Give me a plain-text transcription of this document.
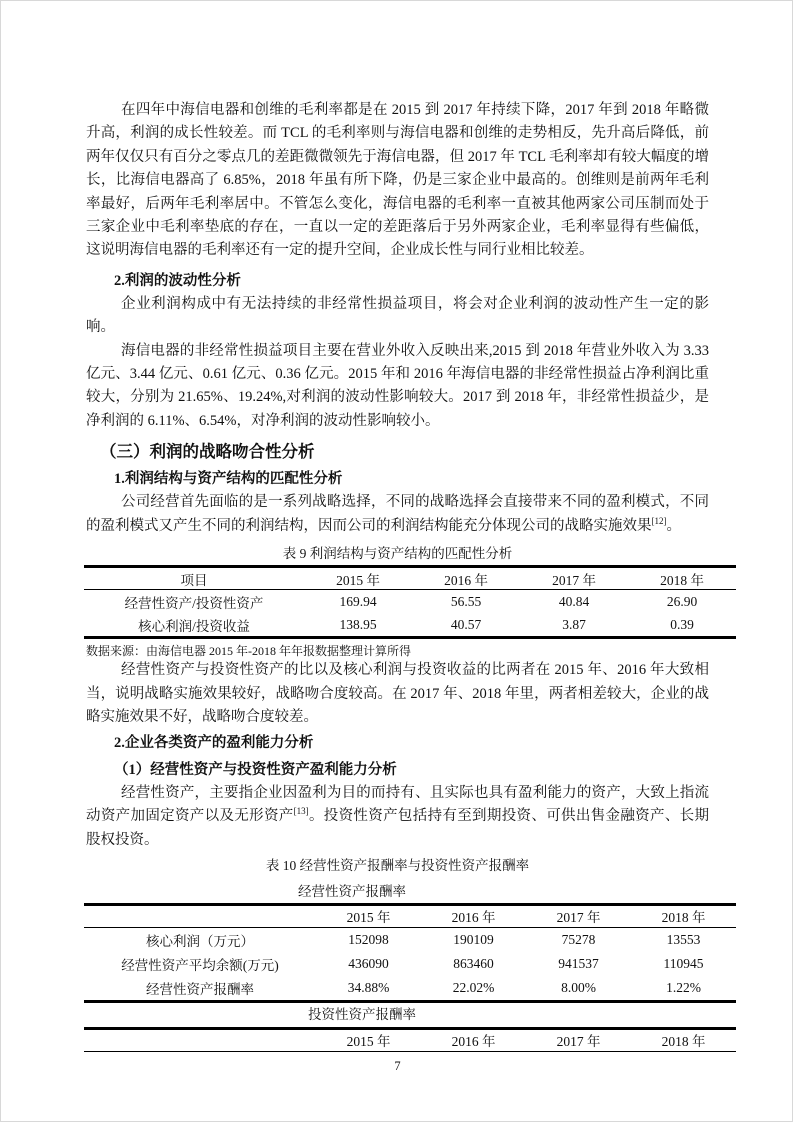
在四年中海信电器和创维的毛利率都是在 2015 到 2017 年持续下降，2017 年到 2018 年略微升高，利润的成长性较差。而 TCL 的毛利率则与海信电器和创维的走势相反，先升高后降低，前两年仅仅只有百分之零点几的差距微微领先于海信电器，但 2017 年 TCL 毛利率却有较大幅度的增长，比海信电器高了 6.85%，2018 年虽有所下降，仍是三家企业中最高的。创维则是前两年毛利率最好，后两年毛利率居中。不管怎么变化，海信电器的毛利率一直被其他两家公司压制而处于三家企业中毛利率垫底的存在，一直以一定的差距落后于另外两家企业，毛利率显得有些偏低，这说明海信电器的毛利率还有一定的提升空间，企业成长性与同行业相比较差。

2.利润的波动性分析

企业利润构成中有无法持续的非经常性损益项目，将会对企业利润的波动性产生一定的影响。

海信电器的非经常性损益项目主要在营业外收入反映出来,2015 到 2018 年营业外收入为 3.33 亿元、3.44 亿元、0.61 亿元、0.36 亿元。2015 年和 2016 年海信电器的非经常性损益占净利润比重较大，分别为 21.65%、19.24%,对利润的波动性影响较大。2017 到 2018 年，非经常性损益少，是净利润的 6.11%、6.54%，对净利润的波动性影响较小。

（三）利润的战略吻合性分析
1.利润结构与资产结构的匹配性分析

公司经营首先面临的是一系列战略选择，不同的战略选择会直接带来不同的盈利模式，不同的盈利模式又产生不同的利润结构，因而公司的利润结构能充分体现公司的战略实施效果[12]。

表 9 利润结构与资产结构的匹配性分析
项目	2015 年	2016 年	2017 年	2018 年
经营性资产/投资性资产	169.94	56.55	40.84	26.90
核心利润/投资收益	138.95	40.57	3.87	0.39
数据来源：由海信电器 2015 年-2018 年年报数据整理计算所得

经营性资产与投资性资产的比以及核心利润与投资收益的比两者在 2015 年、2016 年大致相当，说明战略实施效果较好，战略吻合度较高。在 2017 年、2018 年里，两者相差较大，企业的战略实施效果不好，战略吻合度较差。

2.企业各类资产的盈利能力分析
（1）经营性资产与投资性资产盈利能力分析

经营性资产，主要指企业因盈利为目的而持有、且实际也具有盈利能力的资产，大致上指流动资产加固定资产以及无形资产[13]。投资性资产包括持有至到期投资、可供出售金融资产、长期股权投资。

表 10 经营性资产报酬率与投资性资产报酬率
经营性资产报酬率
	2015 年	2016 年	2017 年	2018 年
核心利润（万元）	152098	190109	75278	13553
经营性资产平均余额(万元)	436090	863460	941537	110945
经营性资产报酬率	34.88%	22.02%	8.00%	1.22%
投资性资产报酬率
	2015 年	2016 年	2017 年	2018 年
7
